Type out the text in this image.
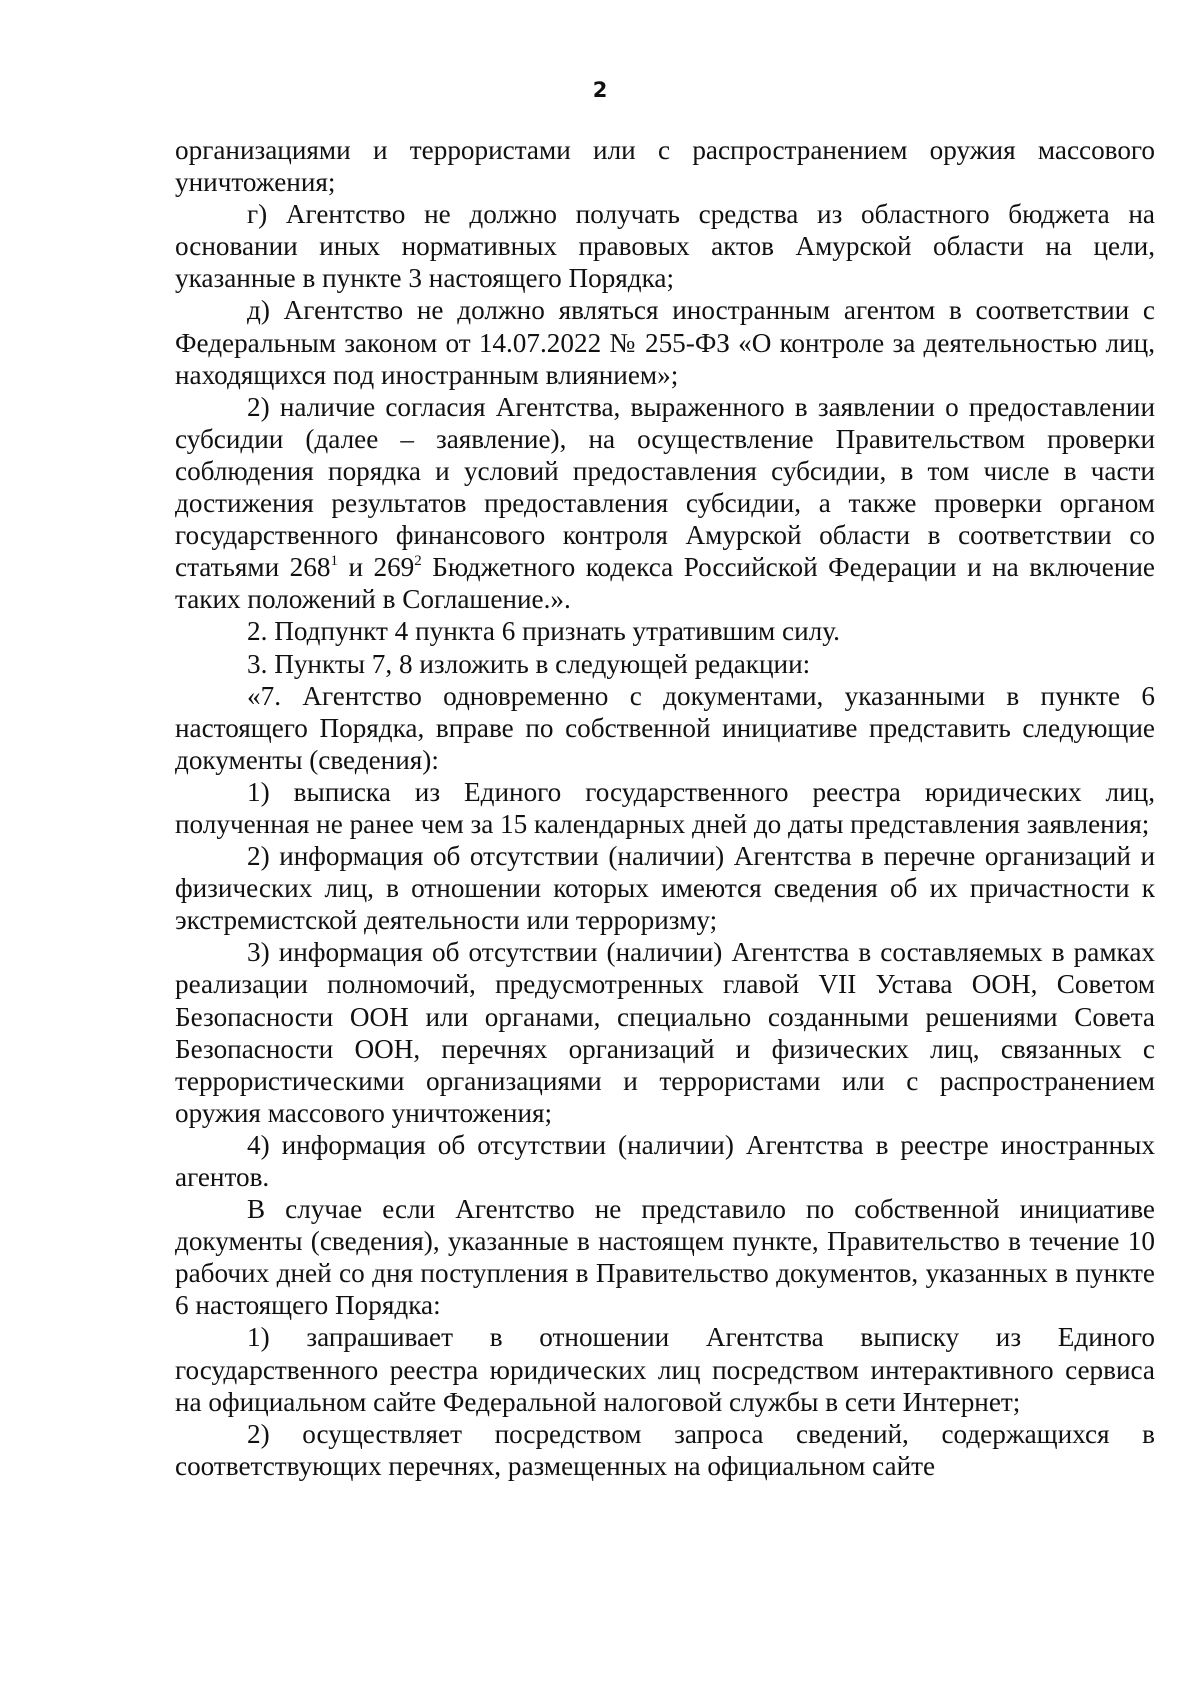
2

организациями и террористами или с распространением оружия массового уничтожения;

г) Агентство не должно получать средства из областного бюджета на основании иных нормативных правовых актов Амурской области на цели, указанные в пункте 3 настоящего Порядка;

д) Агентство не должно являться иностранным агентом в соответствии с Федеральным законом от 14.07.2022 № 255-ФЗ «О контроле за деятельностью лиц, находящихся под иностранным влиянием»;

2) наличие согласия Агентства, выраженного в заявлении о предоставлении субсидии (далее – заявление), на осуществление Правительством проверки соблюдения порядка и условий предоставления субсидии, в том числе в части достижения результатов предоставления субсидии, а также проверки органом государственного финансового контроля Амурской области в соответствии со статьями $268^1$ и $269^2$ Бюджетного кодекса Российской Федерации и на включение таких положений в Соглашение.».

2. Подпункт 4 пункта 6 признать утратившим силу.

3. Пункты 7, 8 изложить в следующей редакции:

«7. Агентство одновременно с документами, указанными в пункте 6 настоящего Порядка, вправе по собственной инициативе представить следующие документы (сведения):

1) выписка из Единого государственного реестра юридических лиц, полученная не ранее чем за 15 календарных дней до даты представления заявления;

2) информация об отсутствии (наличии) Агентства в перечне организаций и физических лиц, в отношении которых имеются сведения об их причастности к экстремистской деятельности или терроризму;

3) информация об отсутствии (наличии) Агентства в составляемых в рамках реализации полномочий, предусмотренных главой VII Устава ООН, Советом Безопасности ООН или органами, специально созданными решениями Совета Безопасности ООН, перечнях организаций и физических лиц, связанных с террористическими организациями и террористами или с распространением оружия массового уничтожения;

4) информация об отсутствии (наличии) Агентства в реестре иностранных агентов.

В случае если Агентство не представило по собственной инициативе документы (сведения), указанные в настоящем пункте, Правительство в течение 10 рабочих дней со дня поступления в Правительство документов, указанных в пункте 6 настоящего Порядка:

1) запрашивает в отношении Агентства выписку из Единого государственного реестра юридических лиц посредством интерактивного сервиса на официальном сайте Федеральной налоговой службы в сети Интернет;

2) осуществляет посредством запроса сведений, содержащихся в соответствующих перечнях, размещенных на официальном сайте
